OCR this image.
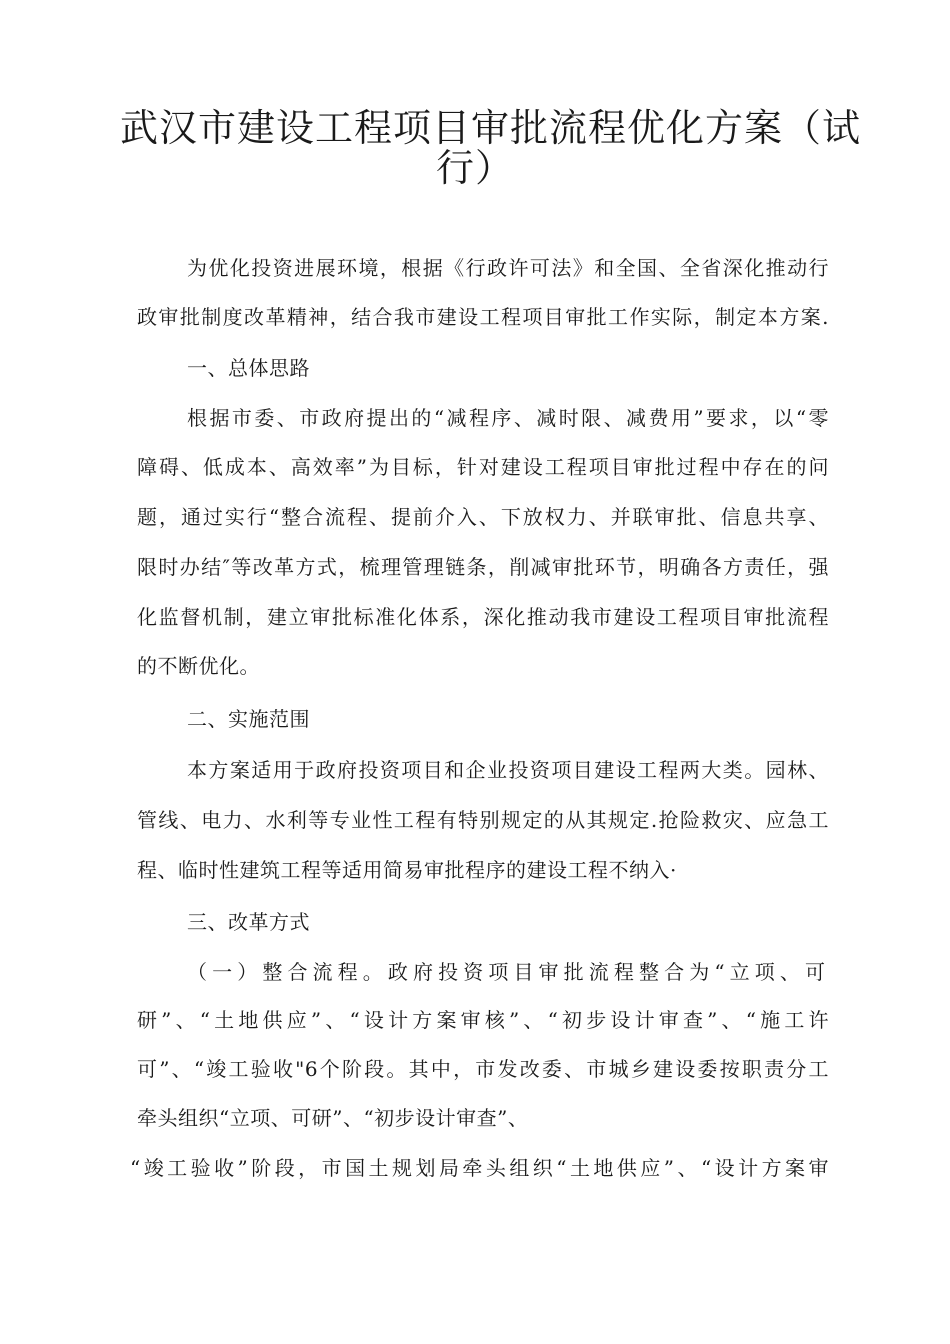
武汉市建设工程项目审批流程优化方案（试
行）
为优化投资进展环境，根据《行政许可法》和全国、全省深化推动行
政审批制度改革精神，结合我市建设工程项目审批工作实际，制定本方案.
一、总体思路
根据市委、市政府提出的“减程序、减时限、减费用”要求，以“零
障碍、低成本、高效率”为目标，针对建设工程项目审批过程中存在的问
题，通过实行“整合流程、提前介入、下放权力、并联审批、信息共享、
限时办结″等改革方式，梳理管理链条，削减审批环节，明确各方责任，强
化监督机制，建立审批标准化体系，深化推动我市建设工程项目审批流程
的不断优化。
二、实施范围
本方案适用于政府投资项目和企业投资项目建设工程两大类。园林、
管线、电力、水利等专业性工程有特别规定的从其规定.抢险救灾、应急工
程、临时性建筑工程等适用简易审批程序的建设工程不纳入·
三、改革方式
（一）整合流程。政府投资项目审批流程整合为“立项、可
研”、“土地供应”、“设计方案审核”、“初步设计审查”、“施工许
可”、“竣工验收"6个阶段。其中，市发改委、市城乡建设委按职责分工
牵头组织“立项、可研”、“初步设计审查”、
“竣工验收”阶段，市国土规划局牵头组织“土地供应”、“设计方案审
